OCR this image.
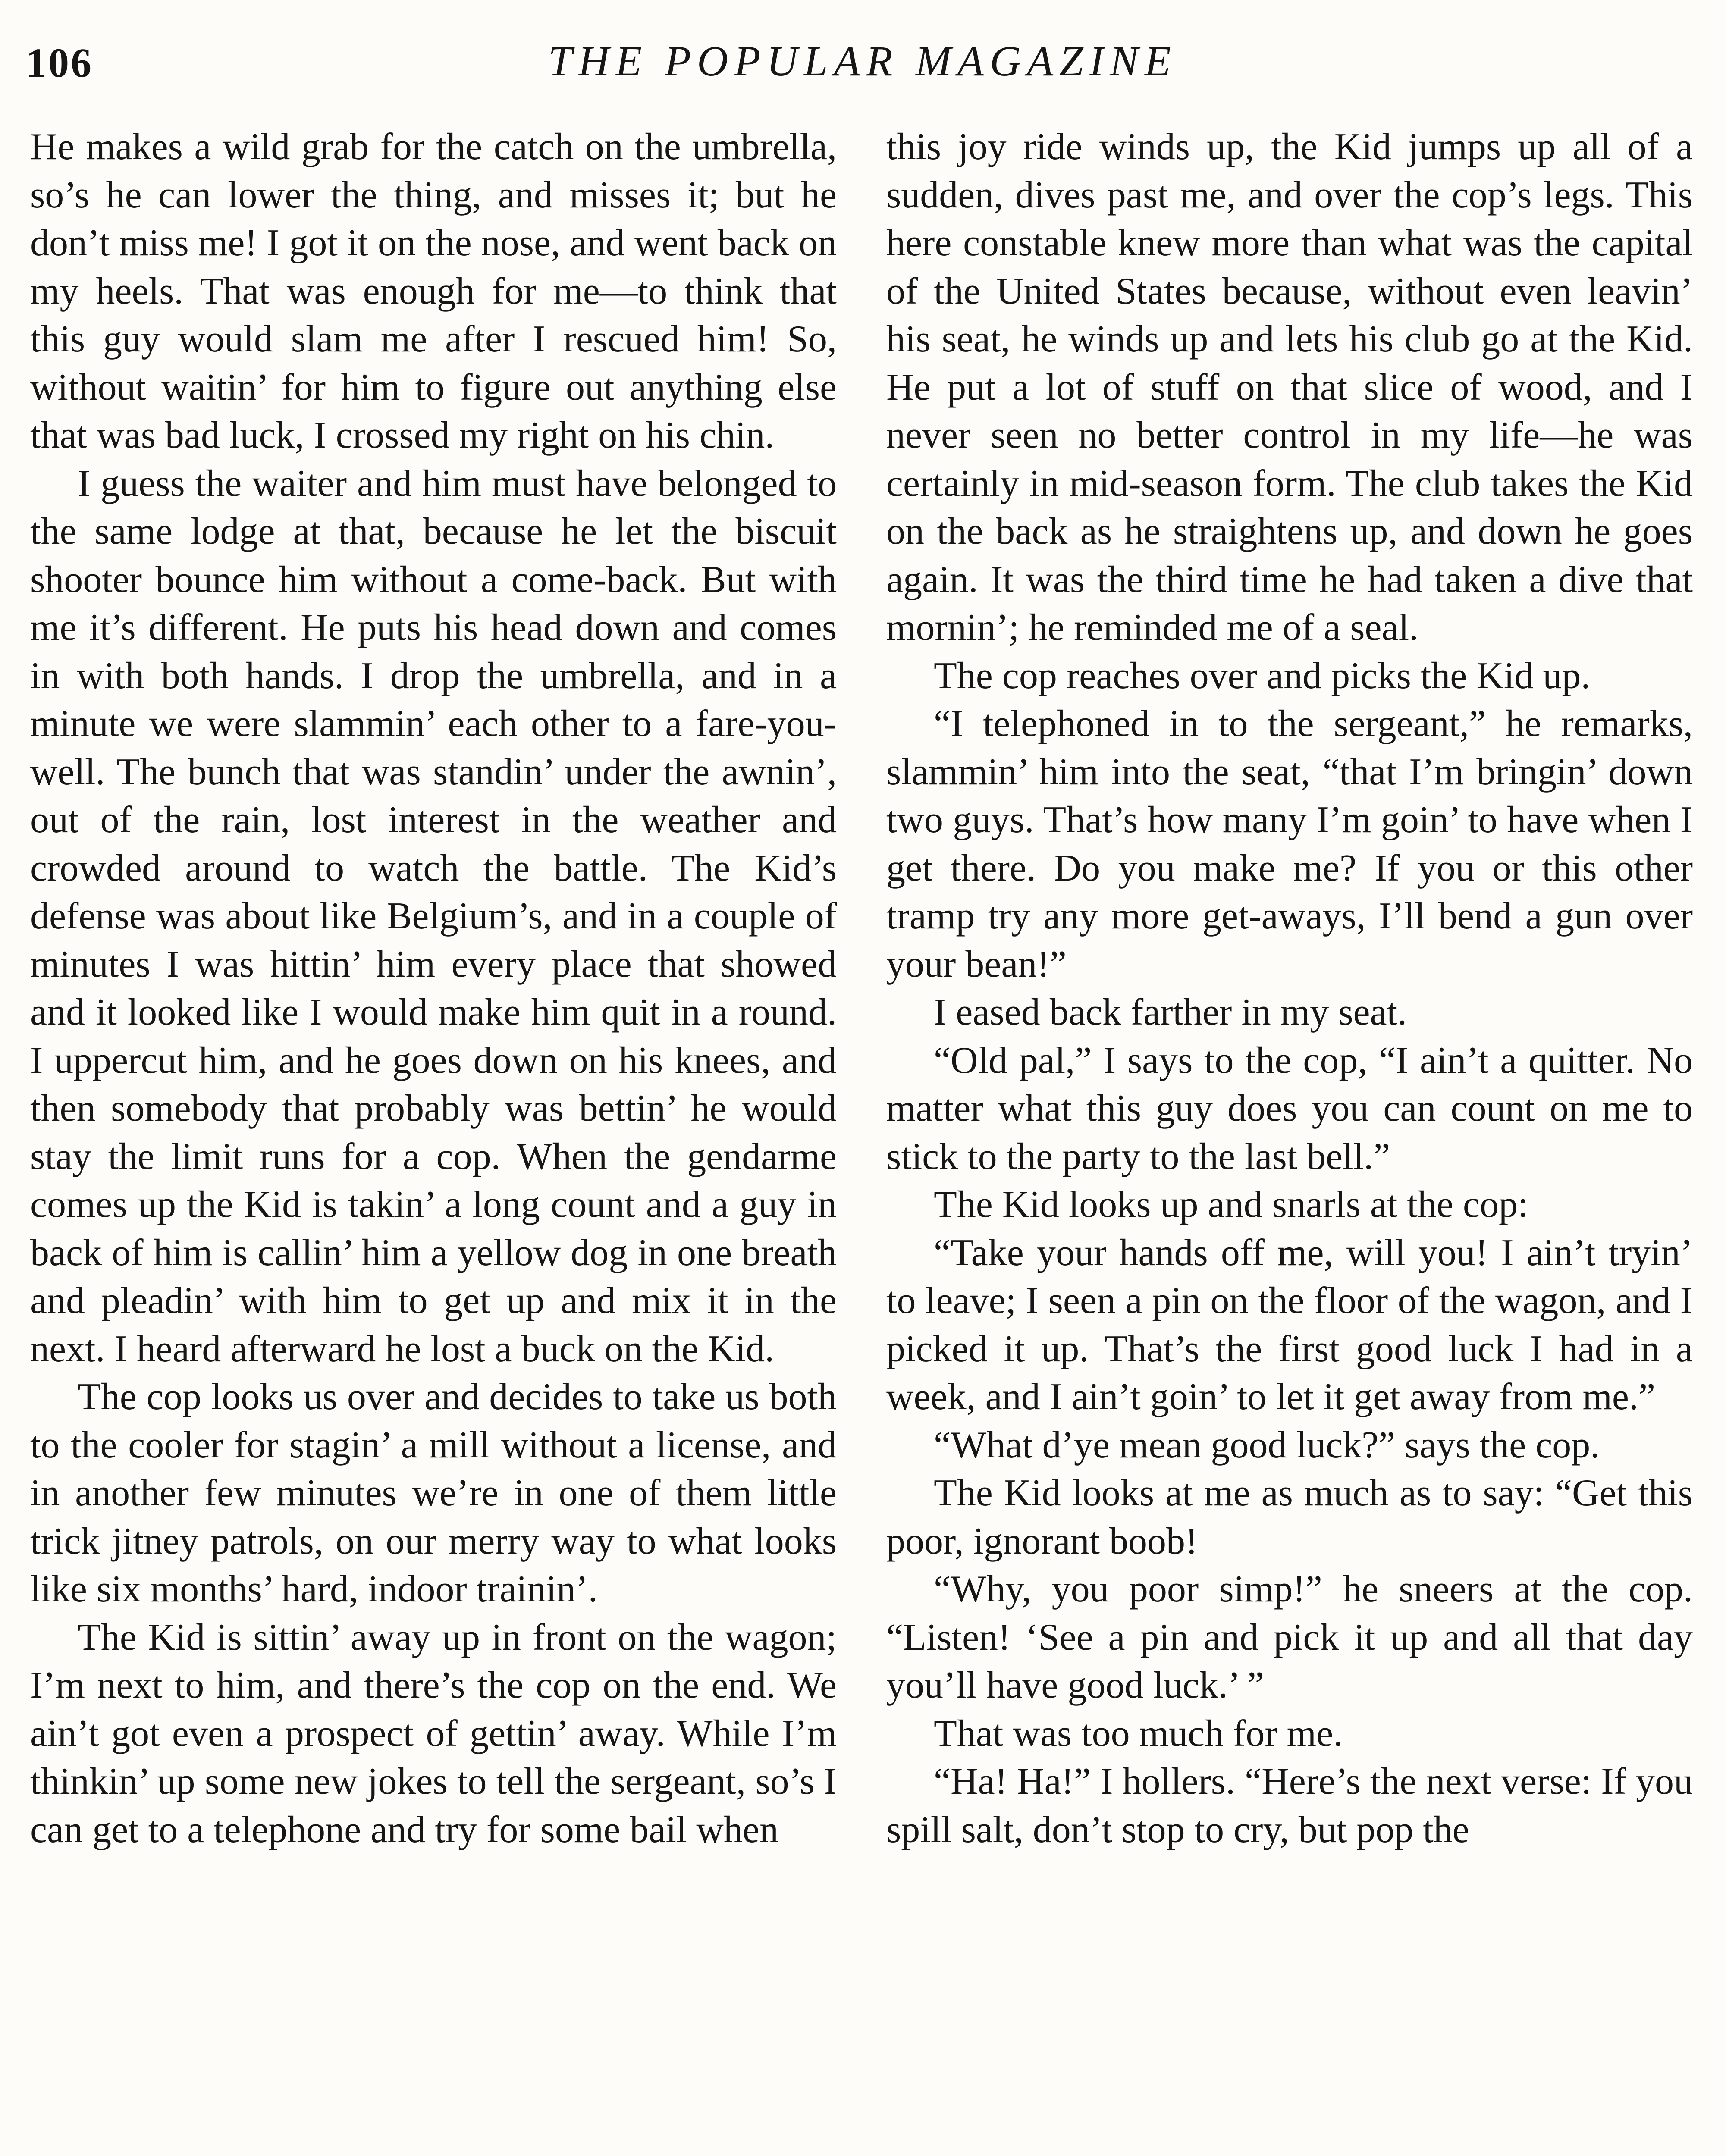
106	THE POPULAR MAGAZINE

He makes a wild grab for the catch on the umbrella, so’s he can lower the thing, and misses it; but he don’t miss me! I got it on the nose, and went back on my heels. That was enough for me—to think that this guy would slam me after I rescued him! So, without waitin’ for him to figure out anything else that was bad luck, I crossed my right on his chin.

I guess the waiter and him must have belonged to the same lodge at that, because he let the biscuit shooter bounce him without a come-back. But with me it’s different. He puts his head down and comes in with both hands. I drop the umbrella, and in a minute we were slammin’ each other to a fare-you-well. The bunch that was standin’ under the awnin’, out of the rain, lost interest in the weather and crowded around to watch the battle. The Kid’s defense was about like Belgium’s, and in a couple of minutes I was hittin’ him every place that showed and it looked like I would make him quit in a round. I uppercut him, and he goes down on his knees, and then somebody that probably was bettin’ he would stay the limit runs for a cop. When the gendarme comes up the Kid is takin’ a long count and a guy in back of him is callin’ him a yellow dog in one breath and pleadin’ with him to get up and mix it in the next. I heard afterward he lost a buck on the Kid.

The cop looks us over and decides to take us both to the cooler for stagin’ a mill without a license, and in another few minutes we’re in one of them little trick jitney patrols, on our merry way to what looks like six months’ hard, indoor trainin’.

The Kid is sittin’ away up in front on the wagon; I’m next to him, and there’s the cop on the end. We ain’t got even a prospect of gettin’ away. While I’m thinkin’ up some new jokes to tell the sergeant, so’s I can get to a telephone and try for some bail when

this joy ride winds up, the Kid jumps up all of a sudden, dives past me, and over the cop’s legs. This here constable knew more than what was the capital of the United States because, without even leavin’ his seat, he winds up and lets his club go at the Kid. He put a lot of stuff on that slice of wood, and I never seen no better control in my life—he was certainly in mid-season form. The club takes the Kid on the back as he straightens up, and down he goes again. It was the third time he had taken a dive that mornin’; he reminded me of a seal.

The cop reaches over and picks the Kid up.

“I telephoned in to the sergeant,” he remarks, slammin’ him into the seat, “that I’m bringin’ down two guys. That’s how many I’m goin’ to have when I get there. Do you make me? If you or this other tramp try any more get-aways, I’ll bend a gun over your bean!”

I eased back farther in my seat.

“Old pal,” I says to the cop, “I ain’t a quitter. No matter what this guy does you can count on me to stick to the party to the last bell.”

The Kid looks up and snarls at the cop:

“Take your hands off me, will you! I ain’t tryin’ to leave; I seen a pin on the floor of the wagon, and I picked it up. That’s the first good luck I had in a week, and I ain’t goin’ to let it get away from me.”

“What d’ye mean good luck?” says the cop.

The Kid looks at me as much as to say: “Get this poor, ignorant boob!

“Why, you poor simp!” he sneers at the cop. “Listen! ‘See a pin and pick it up and all that day you’ll have good luck.’ ”

That was too much for me.

“Ha! Ha!” I hollers. “Here’s the next verse: If you spill salt, don’t stop to cry, but pop the
